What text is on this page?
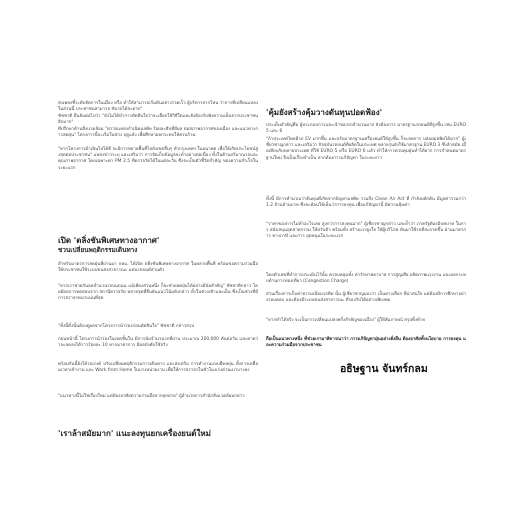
ส่งเพลงชี้ระดับจัดการในเมือง หรือ ทำให้สามารถเริ่มต้นอย่างรวดเร็ว ผู้บริหารจากไหน ว่าการที่เปลี่ยนแปลงในส่วนนี้ ประชาชนสามารถ ขับรถได้สะดวก"

ชัชชาติ ยืนยันต่อไปว่า "ยังไม่ได้ทำการตัดสินใจว่าจะเลือกใช้วิธีใดและยังต้องรับฟังความเห็นจากประชาชนอีกมาก"

ที่ปรึกษาด้านสิ่งแวดล้อม "ตรวจแหล่งกำเนิดมลพิษ ร้อยละสิบที่มีผล ต่อสภาพอากาศของเมือง และแนวทางการลดฝุ่น" โครงการนี้จะเริ่มในช่วง ฤดูแล้ง เพื่อศึกษาผลกระทบให้ครบถ้วน

"หากโครงการดำเนินไปได้ดี จะมีการขยายพื้นที่ไปยังเขตอื่นๆ ทั่วกรุงเทพฯ ในอนาคต เพื่อให้เกิดประโยชน์สูงสุดต่อประชาชน" แหล่งข่าวระบุ และเสริมว่า การจัดเก็บข้อมูลจะทำอย่างต่อเนื่อง ทั้งในด้านปริมาณรถและคุณภาพอากาศ โดยเฉพาะค่า PM 2.5 ที่ตรวจวัดได้ในแต่ละวัน ซึ่งจะเป็นตัวชี้วัดสำคัญ ของความสำเร็จในระยะแรก

เปิด 'ตลิ่งชันพิเศษทางอากาศ'

ชวนเปลี่ยนพฤติกรรมเดินทาง

สำหรับมาตรการลดฝุ่นที่ผ่านมา กทม. ได้เปิด ตลิ่งชันพิเศษทางอากาศ ในหลายพื้นที่ พร้อมขอความร่วมมือ ให้ประชาชนใช้ระบบขนส่งสาธารณะ แทนรถยนต์ส่วนตัว

"หากเราช่วยกันลดจำนวนรถบนถนน แม้เพียงส่วนหนึ่ง ก็จะช่วยลดฝุ่นได้อย่างมีนัยสำคัญ" ชัชชาติกล่าว โดยมีผลการทดสอบจาก สถานีตรวจวัด หลายจุดที่ยืนยันแนวโน้มดังกล่าว ทั้งในช่วงเช้าและเย็น ซึ่งเป็นช่วงที่มีการจราจรหนาแน่นที่สุด

"ทั้งนี้ทั้งนั้นต้องดูผลจากโครงการนำร่องก่อนตัดสินใจ" ชัชชาติ กล่าวสรุป

ก่อนหน้านี้ โครงการนำร่องในเขตชั้นใน มีการนับจำนวนรถที่ผ่าน ประมาณ 200,000 คันต่อวัน และคาดว่าจะลดลงได้ราวร้อยละ 10 หากมาตรการ มีผลบังคับใช้จริง

พร้อมกันนี้ยังได้รณรงค์ ปรับเปลี่ยนพฤติกรรมการเดินทาง และส่งเสริม การทำงานแบบยืดหยุ่น ทั้งการเหลื่อมเวลาเข้างาน และ Work from Home ในบางหน่วยงาน เพื่อให้การจราจรในชั่วโมงเร่งด่วนเบาบางลง

"แนวทางนี้ไม่ใช่เรื่องใหม่ แต่ต้องอาศัยความร่วมมือจากทุกฝ่าย" ผู้อำนวยการสำนักสิ่งแวดล้อมกล่าว

'เราล้าสมัยมาก' แนะลงทุนยกเครื่องยนต์ใหม่

'คุ้มยังสร้างคุ้มวางดันทุนปอดฟ้อง'

ประเด็นสำคัญคือ ผู้ประกอบการและเจ้าของรถจำนวนมาก ยังต้องการ มาตรฐานรถยนต์ที่สูงขึ้น เช่น EURO 5 และ 6

"ถ้าประเทศไทยมีรถ EV มากขึ้น และปรับมาตรฐานเครื่องยนต์ให้สูงขึ้น ก็จะลดการ ปล่อยมลพิษได้มาก" ผู้เชี่ยวชาญกล่าว และเสริมว่า ปัจจุบันรถยนต์ที่ผลิตในประเทศ หลายรุ่นยังใช้มาตรฐาน EURO 3 ซึ่งล้าสมัย เมื่อเทียบกับหลายประเทศ ที่ใช้ EURO 5 หรือ EURO 6 แล้ว ทำให้การควบคุมฝุ่นทำได้ยาก การกำหนดมาตรฐานใหม่ จึงเป็นเรื่องจำเป็น หากต้องการแก้ปัญหา ในระยะยาว

ทั้งนี้ มีการคำนวณว่าต้นทุนที่เกิดจากปัญหามลพิษ รวมถึง Clean Air Act ที่ กำลังผลักดัน มีมูลค่ารวมกว่า 1.2 ล้านล้านบาท ซึ่งสะท้อนให้เห็นว่าการลงทุน เพื่อแก้ปัญหานี้ มีความคุ้มค่า

"ราคาของการไม่ทำอะไรเลย สูงกว่าการลงทุนมาก" ผู้เชี่ยวชาญกล่าว และย้ำว่า ภาครัฐต้องมีบทบาท ในการ สนับสนุนอุตสาหกรรม ให้ปรับตัว พร้อมทั้ง สร้างแรงจูงใจ ให้ผู้บริโภค หันมาใช้รถที่สะอาดขึ้น ผ่านมาตรการ ทางภาษี และการ อุดหนุนในระยะแรก

โดยตัวเลขที่ทำการประเมินไว้นั้น ครอบคลุมทั้ง ค่ารักษาพยาบาล การสูญเสีย ผลิตภาพแรงงาน และผลกระทบด้านการท่องเที่ยว (Congestion Charge)

ส่วนเรื่องการเก็บค่าธรรมเนียมรถติด นั้น ผู้เชี่ยวชาญมองว่า เป็นทางเลือก ที่น่าสนใจ แต่ต้องมีการศึกษาอย่างรอบคอบ และต้องมีระบบขนส่งสาธารณะ ที่รองรับได้อย่างเพียงพอ

"หากทำได้จริง จะเป็นการเปลี่ยนแปลงครั้งสำคัญของเมือง" ผู้ให้สัมภาษณ์ สรุปทิ้งท้าย

ถือเป็นแนวทางหนึ่ง ที่ช่วยเรามาพิจารณาว่า การแก้ปัญหาฝุ่นอย่างยั่งยืน ต้องอาศัยทั้งนโยบาย การลงทุน และความร่วมมือจากประชาชน

อธิษฐาน จันทร์กลม
